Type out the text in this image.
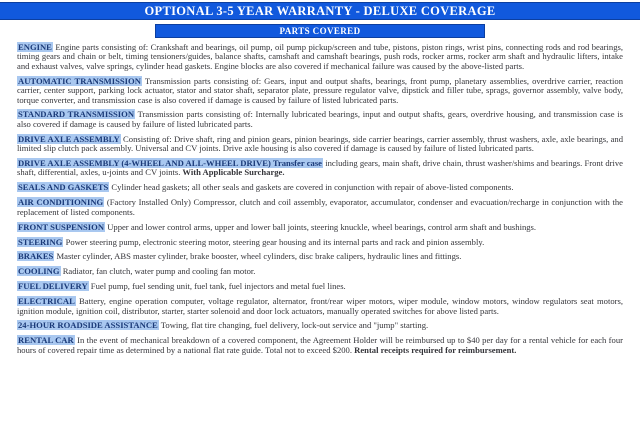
OPTIONAL 3-5 YEAR WARRANTY - DELUXE COVERAGE
PARTS COVERED

ENGINE Engine parts consisting of: Crankshaft and bearings, oil pump, oil pump pickup/screen and tube, pistons, piston rings, wrist pins, connecting rods and rod bearings, timing gears and chain or belt, timing tensioners/guides, balance shafts, camshaft and camshaft bearings, push rods, rocker arms, rocker arm shaft and hydraulic lifters, intake and exhaust valves, valve springs, cylinder head gaskets. Engine blocks are also covered if mechanical failure was caused by the above-listed parts.

AUTOMATIC TRANSMISSION Transmission parts consisting of: Gears, input and output shafts, bearings, front pump, planetary assemblies, overdrive carrier, reaction carrier, center support, parking lock actuator, stator and stator shaft, separator plate, pressure regulator valve, dipstick and filler tube, sprags, governor assembly, valve body, torque converter, and transmission case is also covered if damage is caused by failure of listed lubricated parts.

STANDARD TRANSMISSION Transmission parts consisting of: Internally lubricated bearings, input and output shafts, gears, overdrive housing, and transmission case is also covered if damage is caused by failure of listed lubricated parts.

DRIVE AXLE ASSEMBLY Consisting of: Drive shaft, ring and pinion gears, pinion bearings, side carrier bearings, carrier assembly, thrust washers, axle, axle bearings, and limited slip clutch pack assembly. Universal and CV joints. Drive axle housing is also covered if damage is caused by failure of listed lubricated parts.

DRIVE AXLE ASSEMBLY (4-WHEEL AND ALL-WHEEL DRIVE) Transfer case including gears, main shaft, drive chain, thrust washer/shims and bearings. Front drive shaft, differential, axles, u-joints and CV joints. With Applicable Surcharge.

SEALS AND GASKETS Cylinder head gaskets; all other seals and gaskets are covered in conjunction with repair of above-listed components.

AIR CONDITIONING (Factory Installed Only) Compressor, clutch and coil assembly, evaporator, accumulator, condenser and evacuation/recharge in conjunction with the replacement of listed components.

FRONT SUSPENSION Upper and lower control arms, upper and lower ball joints, steering knuckle, wheel bearings, control arm shaft and bushings.

STEERING Power steering pump, electronic steering motor, steering gear housing and its internal parts and rack and pinion assembly.

BRAKES Master cylinder, ABS master cylinder, brake booster, wheel cylinders, disc brake calipers, hydraulic lines and fittings.

COOLING Radiator, fan clutch, water pump and cooling fan motor.

FUEL DELIVERY Fuel pump, fuel sending unit, fuel tank, fuel injectors and metal fuel lines.

ELECTRICAL Battery, engine operation computer, voltage regulator, alternator, front/rear wiper motors, wiper module, window motors, window regulators seat motors, ignition module, ignition coil, distributor, starter, starter solenoid and door lock actuators, manually operated switches for above listed parts.

24-HOUR ROADSIDE ASSISTANCE Towing, flat tire changing, fuel delivery, lock-out service and "jump" starting.

RENTAL CAR In the event of mechanical breakdown of a covered component, the Agreement Holder will be reimbursed up to $40 per day for a rental vehicle for each four hours of covered repair time as determined by a national flat rate guide. Total not to exceed $200. Rental receipts required for reimbursement.
